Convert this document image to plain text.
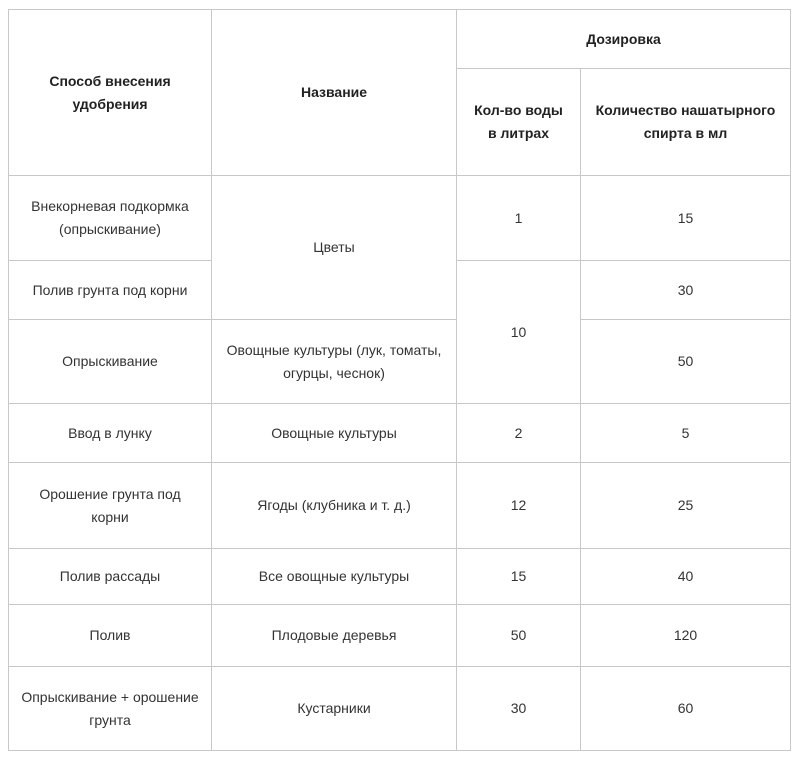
Способ внесения удобрения	Название	Дозировка	
		Кол-во воды в литрах	Количество нашатырного спирта в мл
Внекорневая подкормка (опрыскивание)	Цветы	1	15
Полив грунта под корни		10	30
Опрыскивание	Овощные культуры (лук, томаты, огурцы, чеснок)		50
Ввод в лунку	Овощные культуры	2	5
Орошение грунта под корни	Ягоды (клубника и т. д.)	12	25
Полив рассады	Все овощные культуры	15	40
Полив	Плодовые деревья	50	120
Опрыскивание + орошение грунта	Кустарники	30	60
